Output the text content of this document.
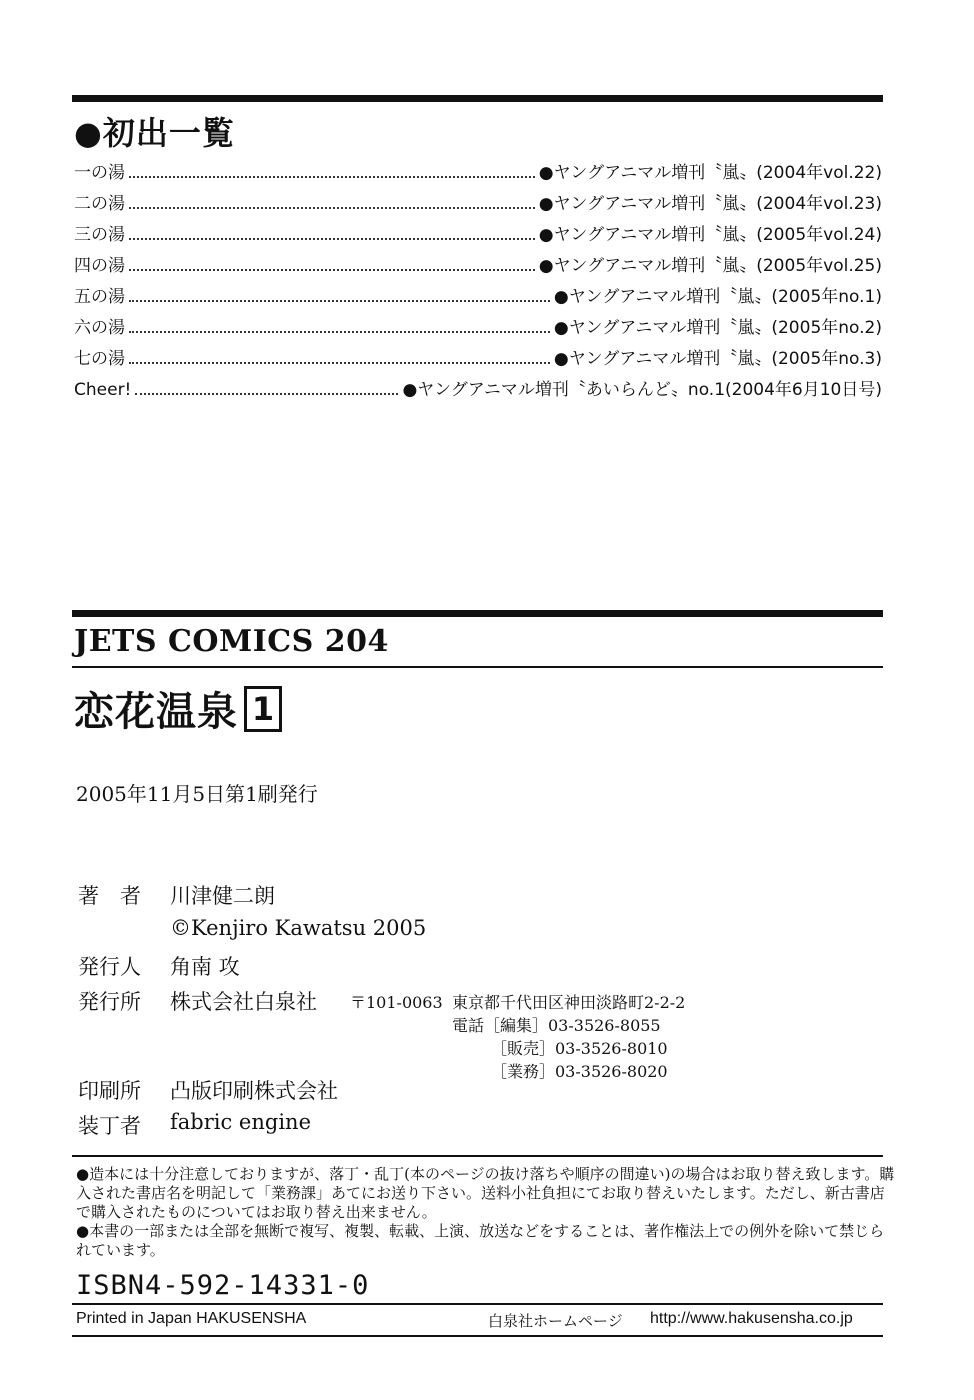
●初出一覧
一の湯	●ヤングアニマル増刊〝嵐〟(2004年vol.22)
二の湯	●ヤングアニマル増刊〝嵐〟(2004年vol.23)
三の湯	●ヤングアニマル増刊〝嵐〟(2005年vol.24)
四の湯	●ヤングアニマル増刊〝嵐〟(2005年vol.25)
五の湯	●ヤングアニマル増刊〝嵐〟(2005年no.1)
六の湯	●ヤングアニマル増刊〝嵐〟(2005年no.2)
七の湯	●ヤングアニマル増刊〝嵐〟(2005年no.3)
Cheer!	●ヤングアニマル増刊〝あいらんど〟no.1(2004年6月10日号)
JETS COMICS 204
恋花温泉 1
2005年11月5日第1刷発行
著　者 川津健二朗
©Kenjiro Kawatsu 2005
発行人 角南 攻
発行所 株式会社白泉社 〒101-0063 東京都千代田区神田淡路町2-2-2
電話［編集］03-3526-8055
［販売］03-3526-8010
［業務］03-3526-8020
印刷所 凸版印刷株式会社
装丁者 fabric engine

●造本には十分注意しておりますが、落丁・乱丁(本のページの抜け落ちや順序の間違い)の場合はお取り替え致します。購入された書店名を明記して「業務課」あてにお送り下さい。送料小社負担にてお取り替えいたします。ただし、新古書店で購入されたものについてはお取り替え出来ません。

●本書の一部または全部を無断で複写、複製、転載、上演、放送などをすることは、著作権法上での例外を除いて禁じられています。

ISBN4-592-14331-0
Printed in Japan HAKUSENSHA	白泉社ホームページ http://www.hakusensha.co.jp
